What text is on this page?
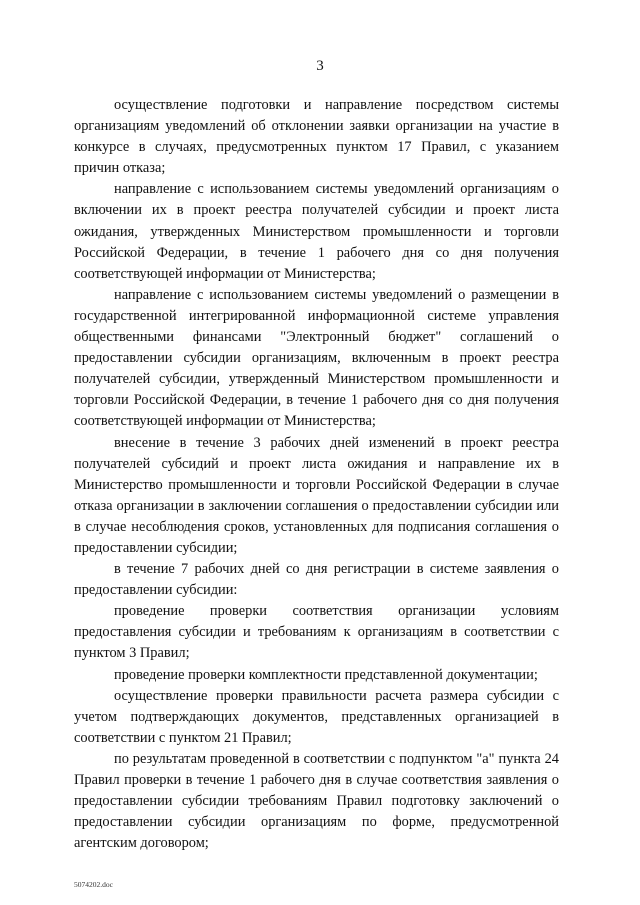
3

осуществление подготовки и направление посредством системы организациям уведомлений об отклонении заявки организации на участие в конкурсе в случаях, предусмотренных пунктом 17 Правил, с указанием причин отказа;

направление с использованием системы уведомлений организациям о включении их в проект реестра получателей субсидии и проект листа ожидания, утвержденных Министерством промышленности и торговли Российской Федерации, в течение 1 рабочего дня со дня получения соответствующей информации от Министерства;

направление с использованием системы уведомлений о размещении в государственной интегрированной информационной системе управления общественными финансами "Электронный бюджет" соглашений о предоставлении субсидии организациям, включенным в проект реестра получателей субсидии, утвержденный Министерством промышленности и торговли Российской Федерации, в течение 1 рабочего дня со дня получения соответствующей информации от Министерства;

внесение в течение 3 рабочих дней изменений в проект реестра получателей субсидий и проект листа ожидания и направление их в Министерство промышленности и торговли Российской Федерации в случае отказа организации в заключении соглашения о предоставлении субсидии или в случае несоблюдения сроков, установленных для подписания соглашения о предоставлении субсидии;

в течение 7 рабочих дней со дня регистрации в системе заявления о предоставлении субсидии:

проведение проверки соответствия организации условиям предоставления субсидии и требованиям к организациям в соответствии с пунктом 3 Правил;

проведение проверки комплектности представленной документации;

осуществление проверки правильности расчета размера субсидии с учетом подтверждающих документов, представленных организацией в соответствии с пунктом 21 Правил;

по результатам проведенной в соответствии с подпунктом "а" пункта 24 Правил проверки в течение 1 рабочего дня в случае соответствия заявления о предоставлении субсидии требованиям Правил подготовку заключений о предоставлении субсидии организациям по форме, предусмотренной агентским договором;

5074202.doc
